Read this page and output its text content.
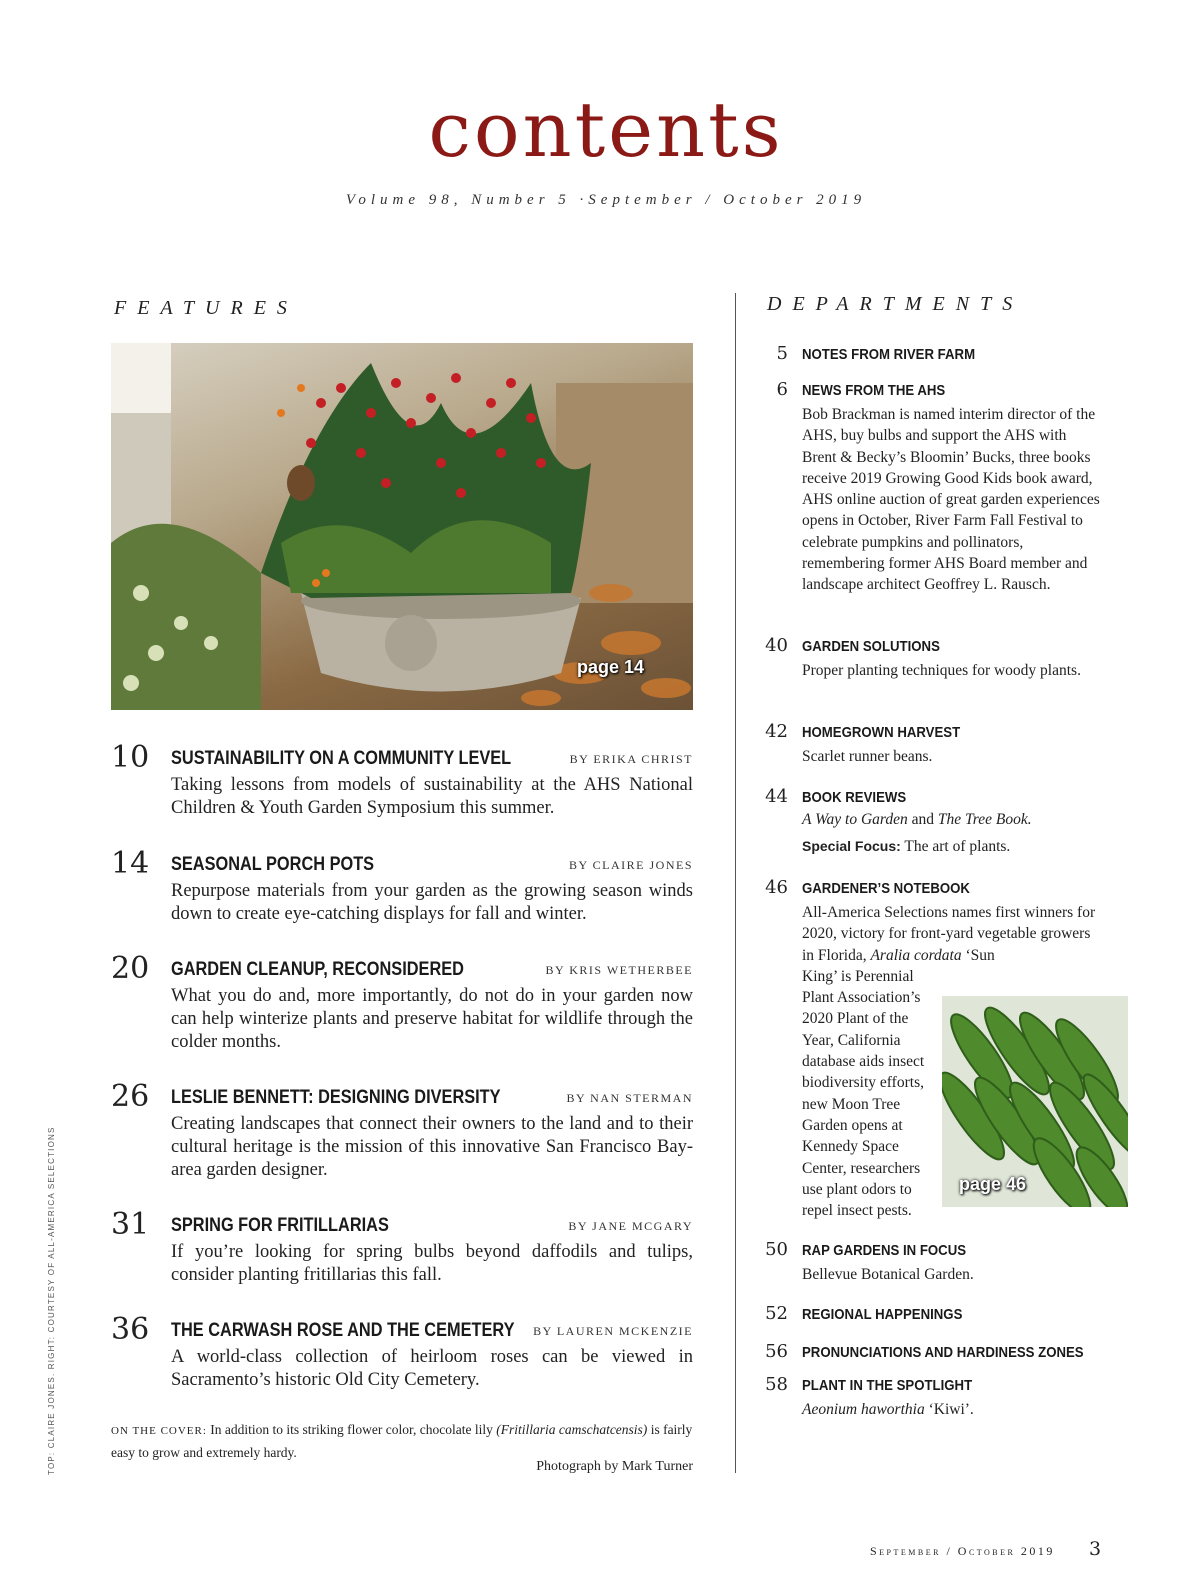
contents
Volume 98, Number 5 ·September / October 2019
FEATURES	DEPARTMENTS
page 14
10 SUSTAINABILITY ON A COMMUNITY LEVEL	BY ERIKA CHRIST
Taking lessons from models of sustainability at the AHS National Children & Youth Garden Symposium this summer.
14 SEASONAL PORCH POTS	BY CLAIRE JONES
Repurpose materials from your garden as the growing season winds down to create eye-catching displays for fall and winter.
20 GARDEN CLEANUP, RECONSIDERED	BY KRIS WETHERBEE
What you do and, more importantly, do not do in your garden now can help winterize plants and preserve habitat for wildlife through the colder months.
26 LESLIE BENNETT: DESIGNING DIVERSITY	BY NAN STERMAN
Creating landscapes that connect their owners to the land and to their cultural heritage is the mission of this innovative San Francisco Bay-area garden designer.
31 SPRING FOR FRITILLARIAS	BY JANE MCGARY
If you’re looking for spring bulbs beyond daffodils and tulips, consider planting fritillarias this fall.
36 THE CARWASH ROSE AND THE CEMETERY BY LAUREN MCKENZIE
A world-class collection of heirloom roses can be viewed in Sacramento’s historic Old City Cemetery.
ON THE COVER: In addition to its striking flower color, chocolate lily (Fritillaria camschatcensis) is fairly easy to grow and extremely hardy.
Photograph by Mark Turner
TOP: CLAIRE JONES. RIGHT: COURTESY OF ALL-AMERICA SELECTIONS
5 NOTES FROM RIVER FARM
6 NEWS FROM THE AHS
Bob Brackman is named interim director of the AHS, buy bulbs and support the AHS with Brent & Becky’s Bloomin’ Bucks, three books receive 2019 Growing Good Kids book award, AHS online auction of great garden experiences opens in October, River Farm Fall Festival to celebrate pumpkins and pollinators, remembering former AHS Board member and landscape architect Geoffrey L. Rausch.
40 GARDEN SOLUTIONS
Proper planting techniques for woody plants.
42 HOMEGROWN HARVEST
Scarlet runner beans.
44 BOOK REVIEWS
A Way to Garden and The Tree Book.
Special Focus: The art of plants.
46 GARDENER’S NOTEBOOK
All-America Selections names first winners for 2020, victory for front-yard vegetable growers in Florida, Aralia cordata ‘Sun
King’ is Perennial
Plant Association’s
2020 Plant of the
Year, California
database aids insect
biodiversity efforts,
new Moon Tree
Garden opens at
Kennedy Space
Center, researchers
use plant odors to
repel insect pests.
page 46
50 RAP GARDENS IN FOCUS
Bellevue Botanical Garden.
52 REGIONAL HAPPENINGS
56 PRONUNCIATIONS AND HARDINESS ZONES
58 PLANT IN THE SPOTLIGHT
Aeonium haworthia ‘Kiwi’.
September / October 2019 3
